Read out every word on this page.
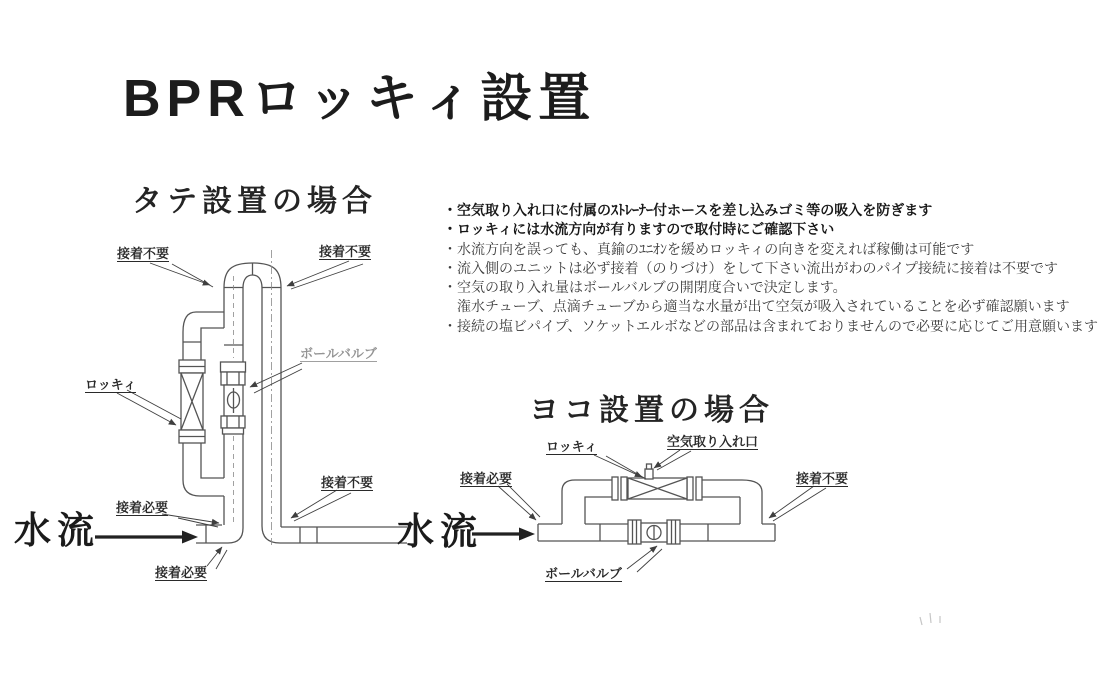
BPRロッキィ設置
タテ設置の場合	・空気取り入れ口に付属のｽﾄﾚｰﾅｰ付ホースを差し込みゴミ等の吸入を防ぎます
・ロッキィには水流方向が有りますので取付時にご確認下さい
・水流方向を誤っても、真鍮のﾕﾆｵﾝを緩めロッキィの向きを変えれば稼働は可能です
・流入側のユニットは必ず接着（のりづけ）をして下さい流出がわのパイプ接続に接着は不要です
・空気の取り入れ量はボールバルブの開閉度合いで決定します。
潅水チューブ、点滴チューブから適当な水量が出て空気が吸入されていることを必ず確認願います
・接続の塩ビパイプ、ソケットエルボなどの部品は含まれておりませんので必要に応じてご用意願います
接着不要	接着不要
ボールバルブ
ロッキィ
接着必要
接着不要
接着必要
水流
ヨコ設置の場合
ロッキィ	空気取り入れ口
接着必要	接着不要
ボールバルブ
水流
